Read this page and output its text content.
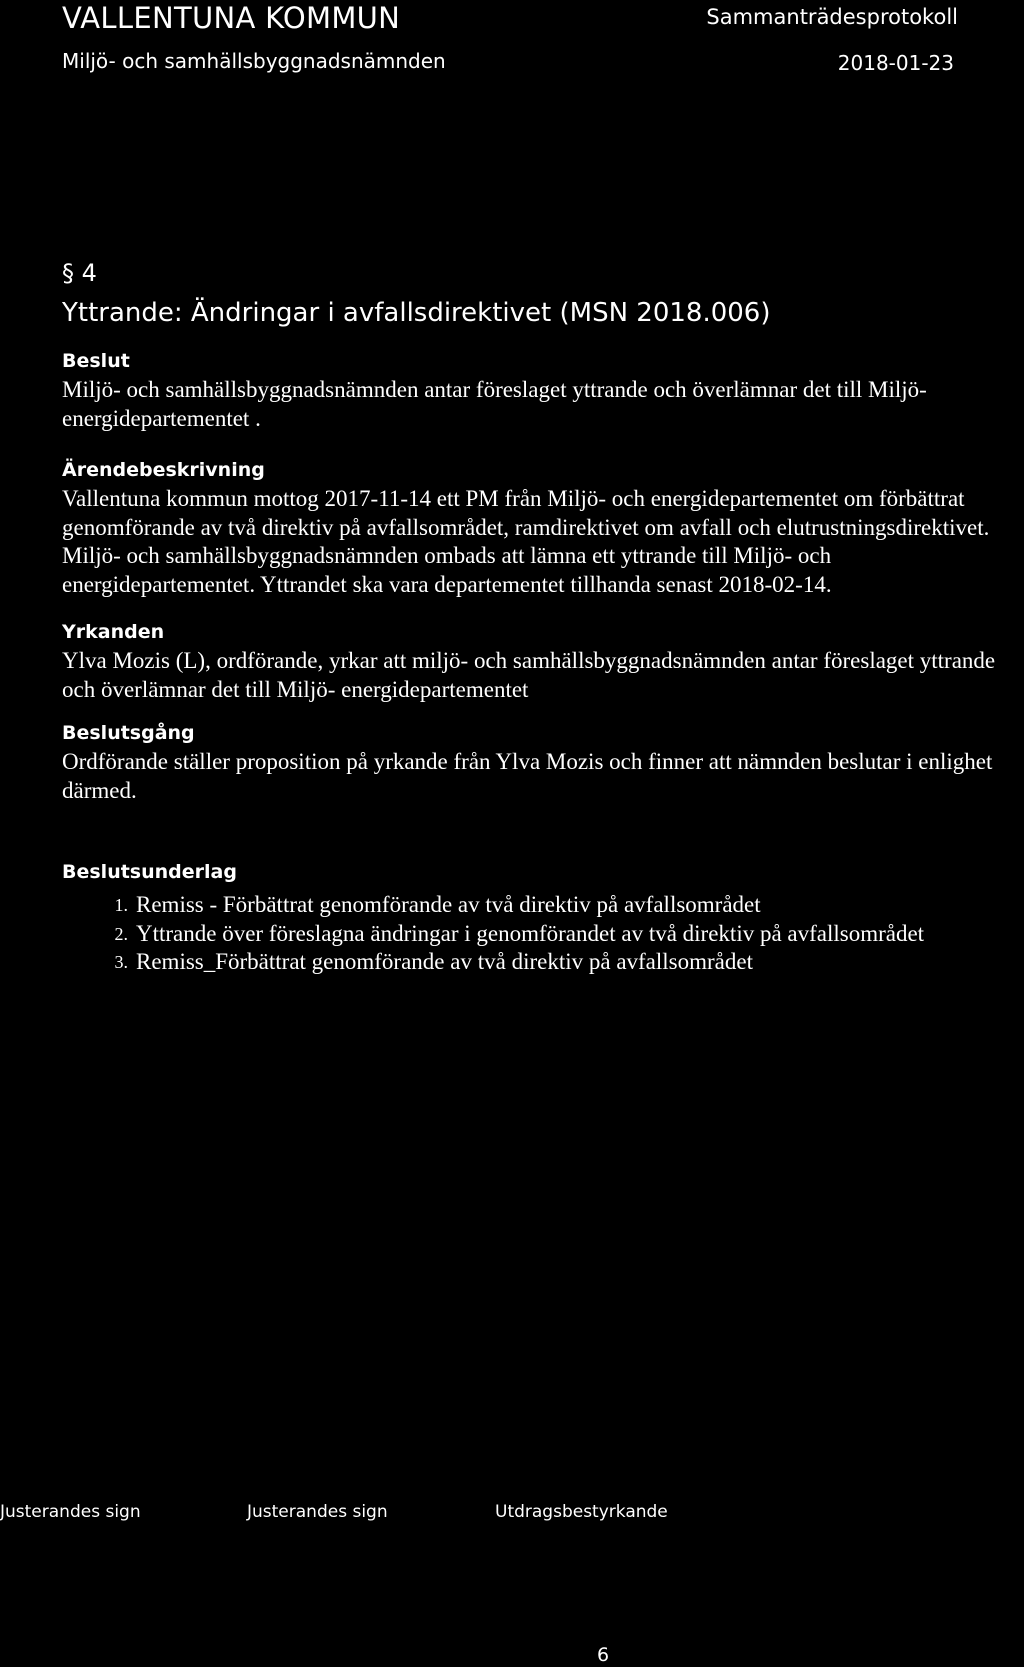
VALLENTUNA KOMMUN	Sammanträdesprotokoll
Miljö- och samhällsbyggnadsnämnden	2018-01-23

§ 4

Yttrande: Ändringar i avfallsdirektivet (MSN 2018.006)

Beslut

Miljö- och samhällsbyggnadsnämnden antar föreslaget yttrande och överlämnar det till Miljö- energidepartementet .

Ärendebeskrivning

Vallentuna kommun mottog 2017-11-14 ett PM från Miljö- och energidepartementet om förbättrat genomförande av två direktiv på avfallsområdet, ramdirektivet om avfall och elutrustningsdirektivet. Miljö- och samhällsbyggnadsnämnden ombads att lämna ett yttrande till Miljö- och energidepartementet. Yttrandet ska vara departementet tillhanda senast 2018-02-14.

Yrkanden

Ylva Mozis (L), ordförande, yrkar att miljö- och samhällsbyggnadsnämnden antar föreslaget yttrande och överlämnar det till Miljö- energidepartementet

Beslutsgång

Ordförande ställer proposition på yrkande från Ylva Mozis och finner att nämnden beslutar i enlighet därmed.

Beslutsunderlag

1. Remiss - Förbättrat genomförande av två direktiv på avfallsområdet
2. Yttrande över föreslagna ändringar i genomförandet av två direktiv på avfallsområdet
3. Remiss_Förbättrat genomförande av två direktiv på avfallsområdet
Justerandes sign	Justerandes sign	Utdragsbestyrkande
6
